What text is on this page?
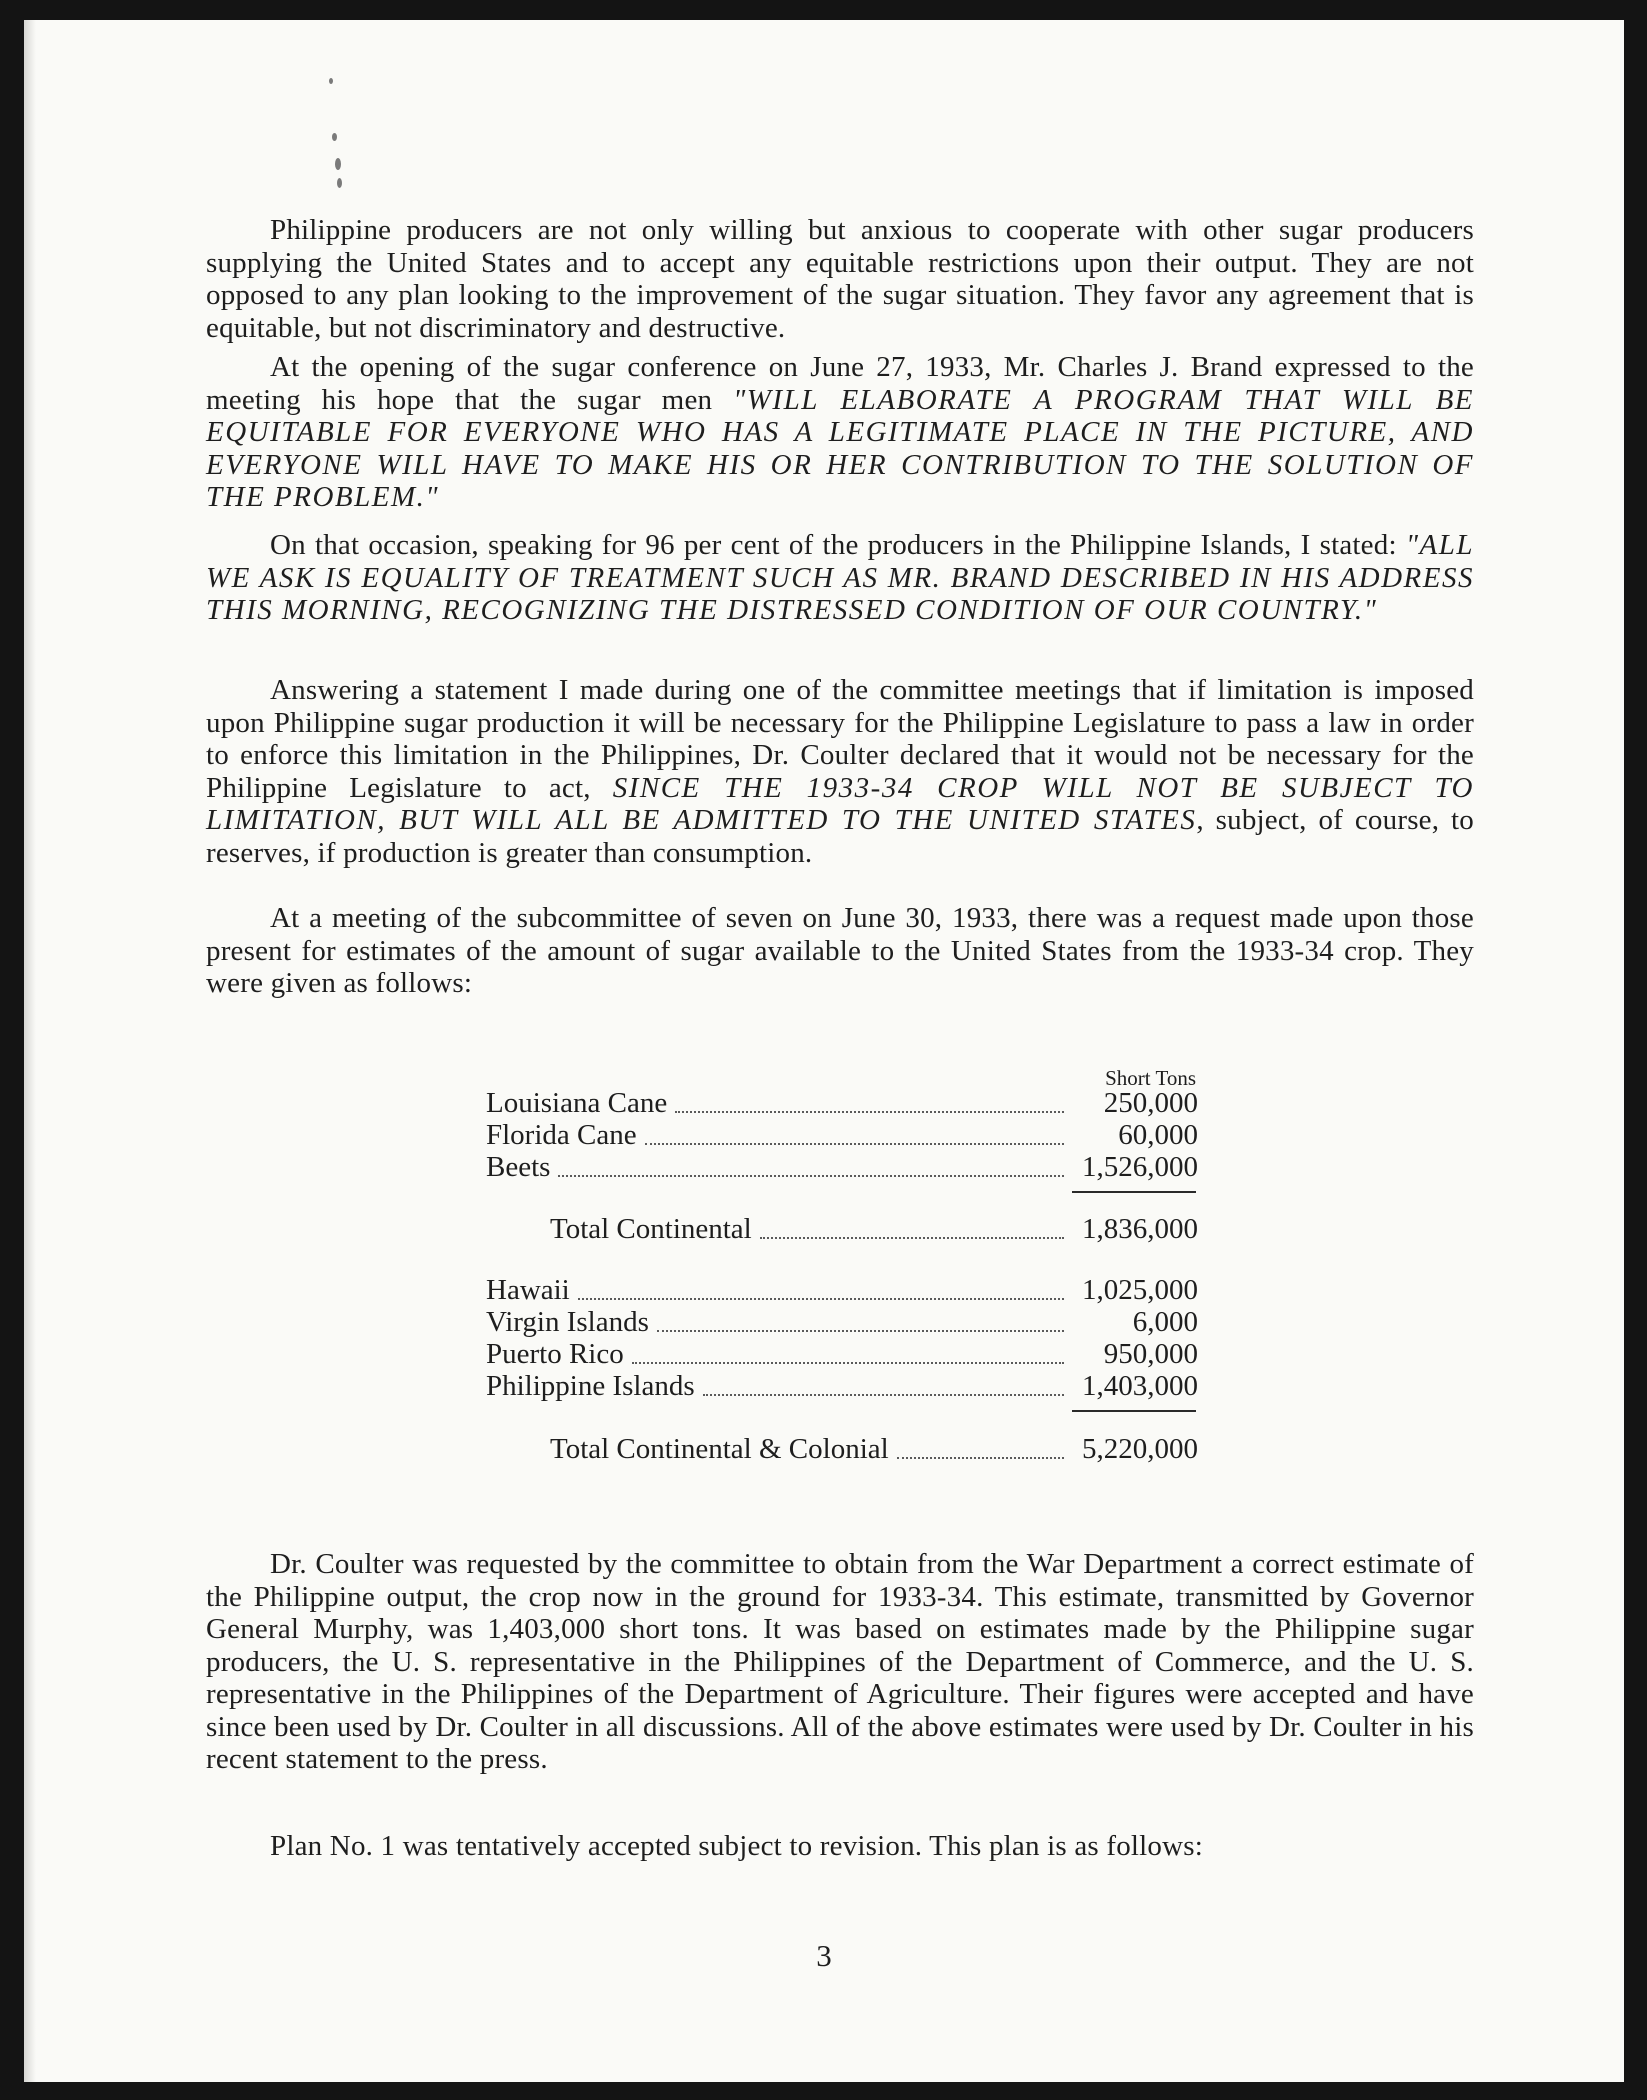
Philippine producers are not only willing but anxious to cooperate with other sugar producers supplying the United States and to accept any equitable restrictions upon their output. They are not opposed to any plan looking to the improvement of the sugar situation. They favor any agreement that is equitable, but not discriminatory and destructive.

At the opening of the sugar conference on June 27, 1933, Mr. Charles J. Brand expressed to the meeting his hope that the sugar men "WILL ELABORATE A PROGRAM THAT WILL BE EQUITABLE FOR EVERYONE WHO HAS A LEGITIMATE PLACE IN THE PICTURE, AND EVERYONE WILL HAVE TO MAKE HIS OR HER CONTRIBUTION TO THE SOLUTION OF THE PROBLEM."

On that occasion, speaking for 96 per cent of the producers in the Philippine Islands, I stated: "ALL WE ASK IS EQUALITY OF TREATMENT SUCH AS MR. BRAND DESCRIBED IN HIS ADDRESS THIS MORNING, RECOGNIZING THE DISTRESSED CONDITION OF OUR COUNTRY."

Answering a statement I made during one of the committee meetings that if limitation is imposed upon Philippine sugar production it will be necessary for the Philippine Legislature to pass a law in order to enforce this limitation in the Philippines, Dr. Coulter declared that it would not be necessary for the Philippine Legislature to act, SINCE THE 1933-34 CROP WILL NOT BE SUBJECT TO LIMITATION, BUT WILL ALL BE ADMITTED TO THE UNITED STATES, subject, of course, to reserves, if production is greater than consumption.

At a meeting of the subcommittee of seven on June 30, 1933, there was a request made upon those present for estimates of the amount of sugar available to the United States from the 1933-34 crop. They were given as follows:

Short Tons
Louisiana Cane	250,000
Florida Cane	60,000
Beets	1,526,000
Total Continental	1,836,000
Hawaii	1,025,000
Virgin Islands	6,000
Puerto Rico	950,000
Philippine Islands	1,403,000
Total Continental & Colonial	5,220,000

Dr. Coulter was requested by the committee to obtain from the War Department a correct estimate of the Philippine output, the crop now in the ground for 1933-34. This estimate, transmitted by Governor General Murphy, was 1,403,000 short tons. It was based on estimates made by the Philippine sugar producers, the U. S. representative in the Philippines of the Department of Commerce, and the U. S. representative in the Philippines of the Department of Agriculture. Their figures were accepted and have since been used by Dr. Coulter in all discussions. All of the above estimates were used by Dr. Coulter in his recent statement to the press.

Plan No. 1 was tentatively accepted subject to revision. This plan is as follows:

3
